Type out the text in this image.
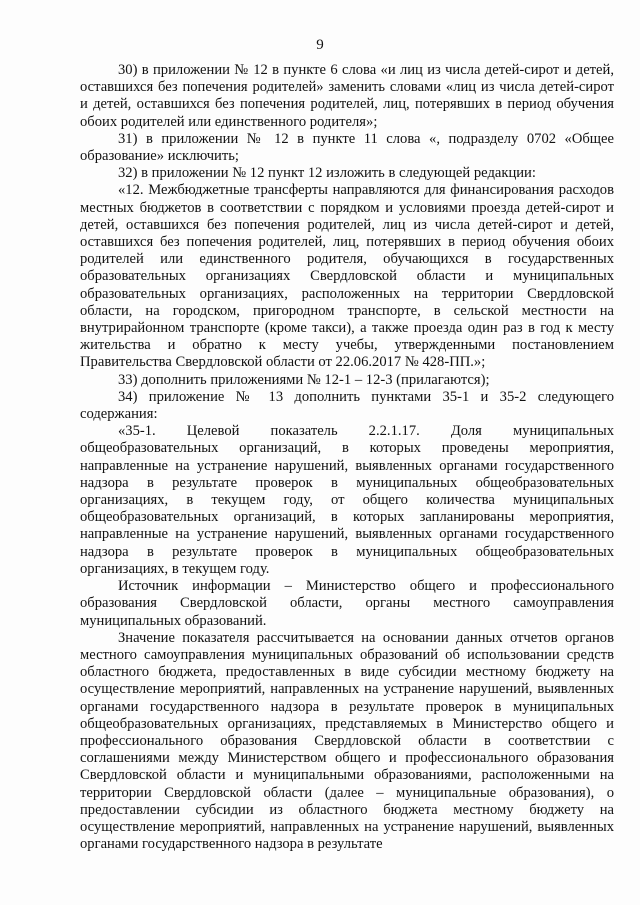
9

30) в приложении № 12 в пункте 6 слова «и лиц из числа детей-сирот и детей, оставшихся без попечения родителей» заменить словами «лиц из числа детей-сирот и детей, оставшихся без попечения родителей, лиц, потерявших в период обучения обоих родителей или единственного родителя»;

31) в приложении № 12 в пункте 11 слова «, подразделу 0702 «Общее образование» исключить;

32) в приложении № 12 пункт 12 изложить в следующей редакции:

«12. Межбюджетные трансферты направляются для финансирования расходов местных бюджетов в соответствии с порядком и условиями проезда детей-сирот и детей, оставшихся без попечения родителей, лиц из числа детей-сирот и детей, оставшихся без попечения родителей, лиц, потерявших в период обучения обоих родителей или единственного родителя, обучающихся в государственных образовательных организациях Свердловской области и муниципальных образовательных организациях, расположенных на территории Свердловской области, на городском, пригородном транспорте, в сельской местности на внутрирайонном транспорте (кроме такси), а также проезда один раз в год к месту жительства и обратно к месту учебы, утвержденными постановлением Правительства Свердловской области от 22.06.2017 № 428-ПП.»;

33) дополнить приложениями № 12-1 – 12-3 (прилагаются);

34) приложение № 13 дополнить пунктами 35-1 и 35-2 следующего содержания:

«35-1. Целевой показатель 2.2.1.17. Доля муниципальных общеобразовательных организаций, в которых проведены мероприятия, направленные на устранение нарушений, выявленных органами государственного надзора в результате проверок в муниципальных общеобразовательных организациях, в текущем году, от общего количества муниципальных общеобразовательных организаций, в которых запланированы мероприятия, направленные на устранение нарушений, выявленных органами государственного надзора в результате проверок в муниципальных общеобразовательных организациях, в текущем году.

Источник информации – Министерство общего и профессионального образования Свердловской области, органы местного самоуправления муниципальных образований.

Значение показателя рассчитывается на основании данных отчетов органов местного самоуправления муниципальных образований об использовании средств областного бюджета, предоставленных в виде субсидии местному бюджету на осуществление мероприятий, направленных на устранение нарушений, выявленных органами государственного надзора в результате проверок в муниципальных общеобразовательных организациях, представляемых в Министерство общего и профессионального образования Свердловской области в соответствии с соглашениями между Министерством общего и профессионального образования Свердловской области и муниципальными образованиями, расположенными на территории Свердловской области (далее – муниципальные образования), о предоставлении субсидии из областного бюджета местному бюджету на осуществление мероприятий, направленных на устранение нарушений, выявленных органами государственного надзора в результате
